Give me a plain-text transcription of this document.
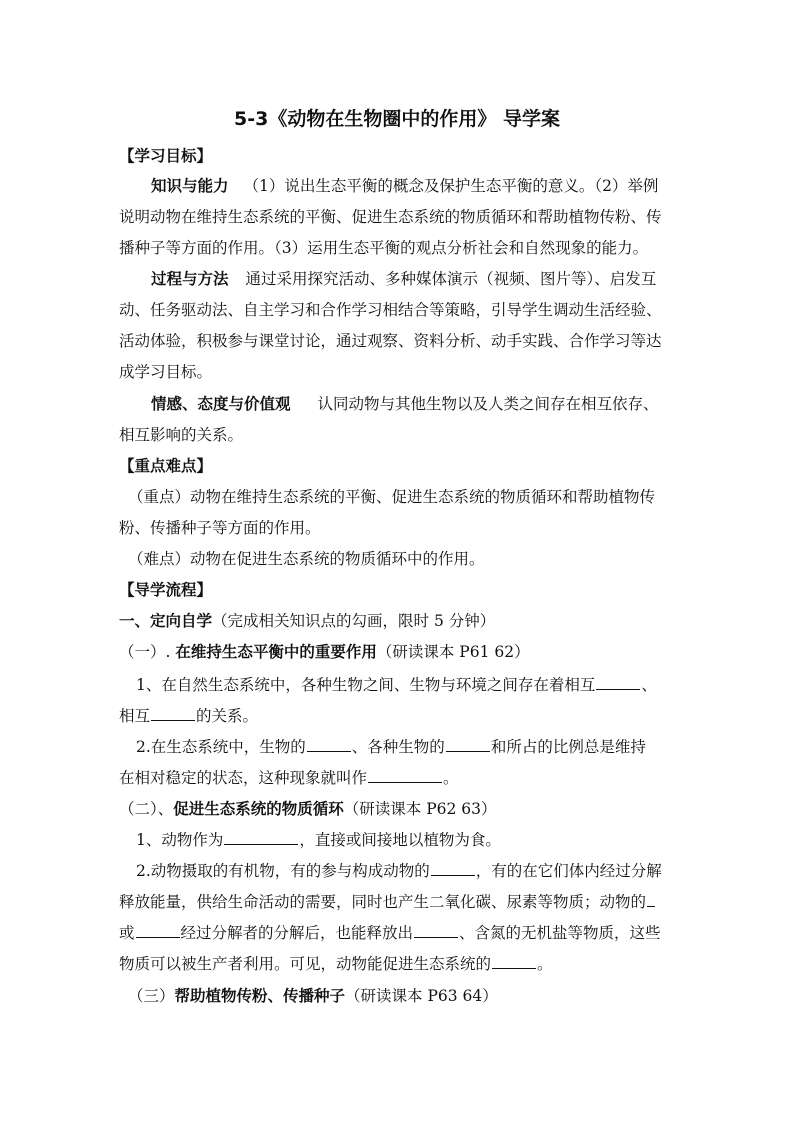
5-3《动物在生物圈中的作用》 导学案
【学习目标】
知识与能力 （1）说出生态平衡的概念及保护生态平衡的意义。（2）举例
说明动物在维持生态系统的平衡、促进生态系统的物质循环和帮助植物传粉、传
播种子等方面的作用。（3）运用生态平衡的观点分析社会和自然现象的能力。
过程与方法 通过采用探究活动、多种媒体演示（视频、图片等）、启发互
动、任务驱动法、自主学习和合作学习相结合等策略，引导学生调动生活经验、
活动体验，积极参与课堂讨论，通过观察、资料分析、动手实践、合作学习等达
成学习目标。
情感、态度与价值观 认同动物与其他生物以及人类之间存在相互依存、
相互影响的关系。
【重点难点】
（重点）动物在维持生态系统的平衡、促进生态系统的物质循环和帮助植物传
粉、传播种子等方面的作用。
（难点）动物在促进生态系统的物质循环中的作用。
【导学流程】
一、定向自学（完成相关知识点的勾画，限时 5 分钟）
（一）. 在维持生态平衡中的重要作用（研读课本 P61 62）
1、在自然生态系统中，各种生物之间、生物与环境之间存在着相互	、
相互	的关系。
2.在生态系统中，生物的	、各种生物的	和所占的比例总是维持
在相对稳定的状态，这种现象就叫作	。
（二）、促进生态系统的物质循环（研读课本 P62 63）
1、动物作为	，直接或间接地以植物为食。
2.动物摄取的有机物，有的参与构成动物的	，有的在它们体内经过分解
释放能量，供给生命活动的需要，同时也产生二氧化碳、尿素等物质；动物的
或	经过分解者的分解后，也能释放出	、含氮的无机盐等物质，这些
物质可以被生产者利用。可见，动物能促进生态系统的	。
（三）帮助植物传粉、传播种子（研读课本 P63 64）
